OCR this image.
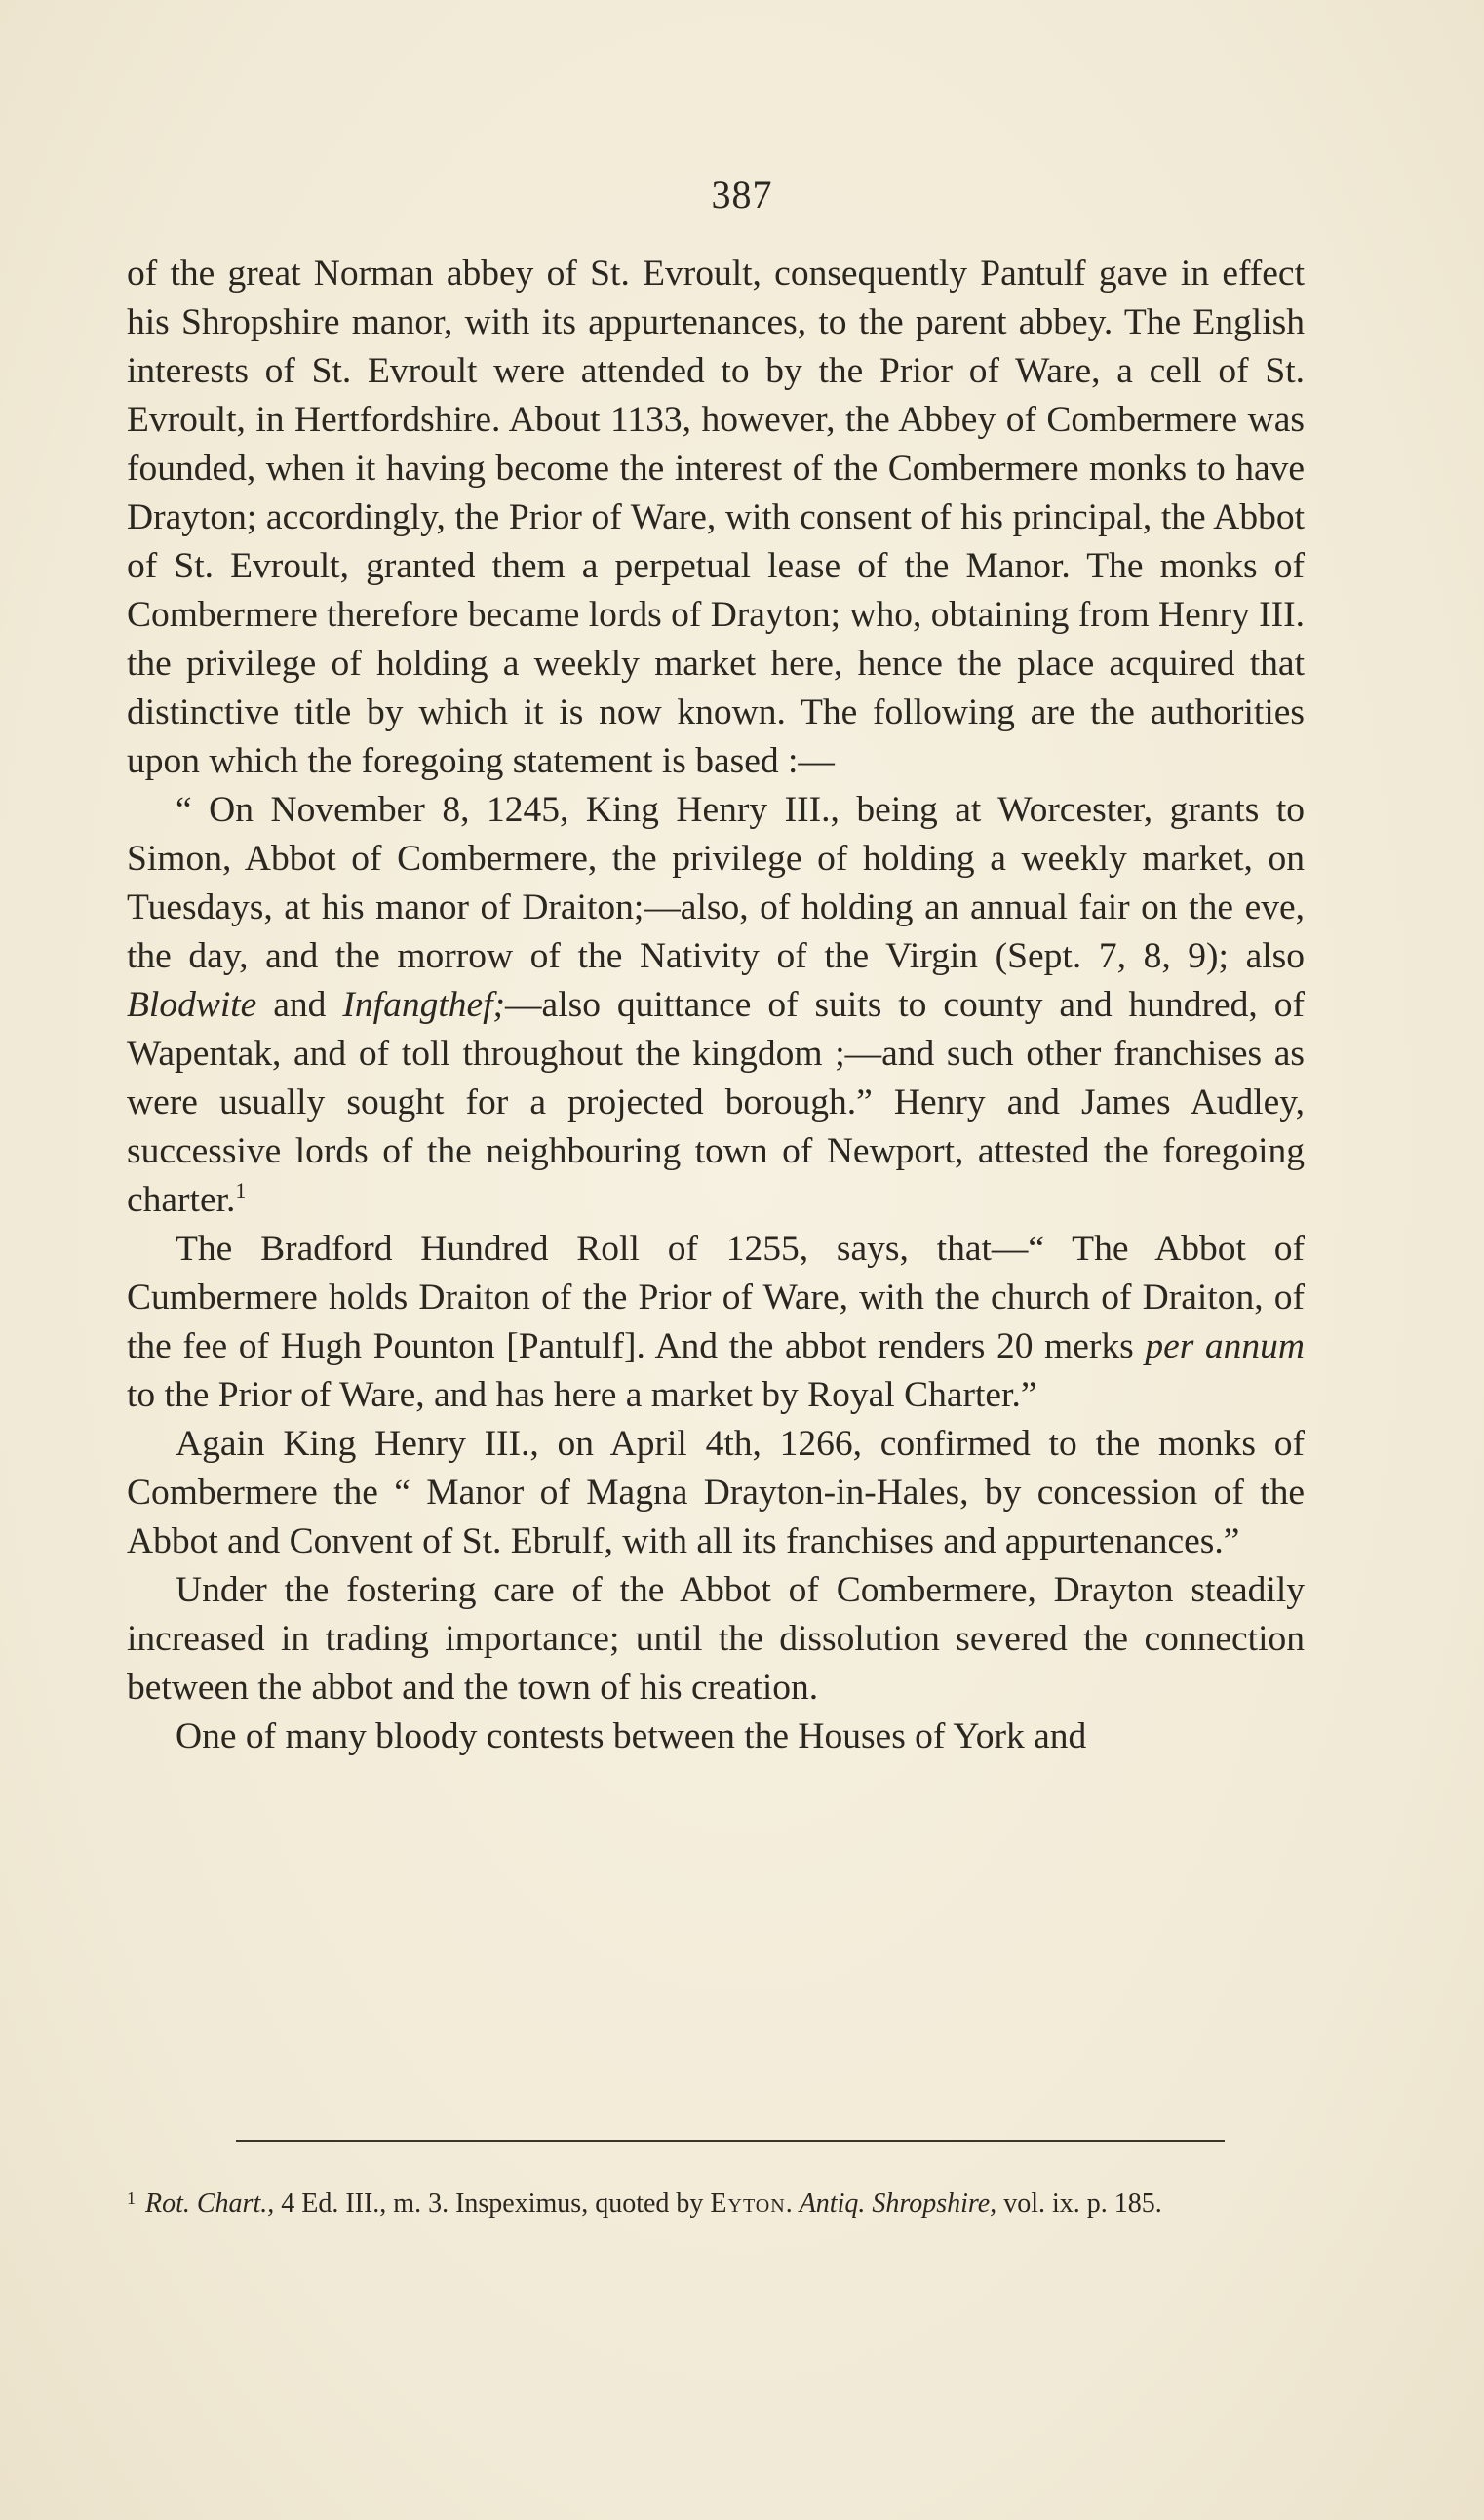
387

of the great Norman abbey of St. Evroult, consequently Pantulf gave in effect his Shropshire manor, with its appurtenances, to the parent abbey. The English interests of St. Evroult were attended to by the Prior of Ware, a cell of St. Evroult, in Hertfordshire. About 1133, however, the Abbey of Combermere was founded, when it having become the interest of the Combermere monks to have Drayton; accordingly, the Prior of Ware, with consent of his principal, the Abbot of St. Evroult, granted them a perpetual lease of the Manor. The monks of Combermere therefore became lords of Drayton; who, obtaining from Henry III. the privilege of holding a weekly market here, hence the place acquired that distinctive title by which it is now known. The following are the authorities upon which the foregoing statement is based :—

“ On November 8, 1245, King Henry III., being at Worcester, grants to Simon, Abbot of Combermere, the privilege of holding a weekly market, on Tuesdays, at his manor of Draiton;—also, of holding an annual fair on the eve, the day, and the morrow of the Nativity of the Virgin (Sept. 7, 8, 9); also Blodwite and Infangthef;—also quittance of suits to county and hundred, of Wapentak, and of toll throughout the kingdom ;—and such other franchises as were usually sought for a projected borough.” Henry and James Audley, successive lords of the neighbouring town of Newport, attested the foregoing charter.$^1$

The Bradford Hundred Roll of 1255, says, that—“ The Abbot of Cumbermere holds Draiton of the Prior of Ware, with the church of Draiton, of the fee of Hugh Pounton [Pantulf]. And the abbot renders 20 merks per annum to the Prior of Ware, and has here a market by Royal Charter.”

Again King Henry III., on April 4th, 1266, confirmed to the monks of Combermere the “ Manor of Magna Drayton-in-Hales, by concession of the Abbot and Convent of St. Ebrulf, with all its franchises and appurtenances.”

Under the fostering care of the Abbot of Combermere, Drayton steadily increased in trading importance; until the dissolution severed the connection between the abbot and the town of his creation.

One of many bloody contests between the Houses of York and

$^1$ Rot. Chart., 4 Ed. III., m. 3. Inspeximus, quoted by Eyton. Antiq. Shropshire, vol. ix. p. 185.
